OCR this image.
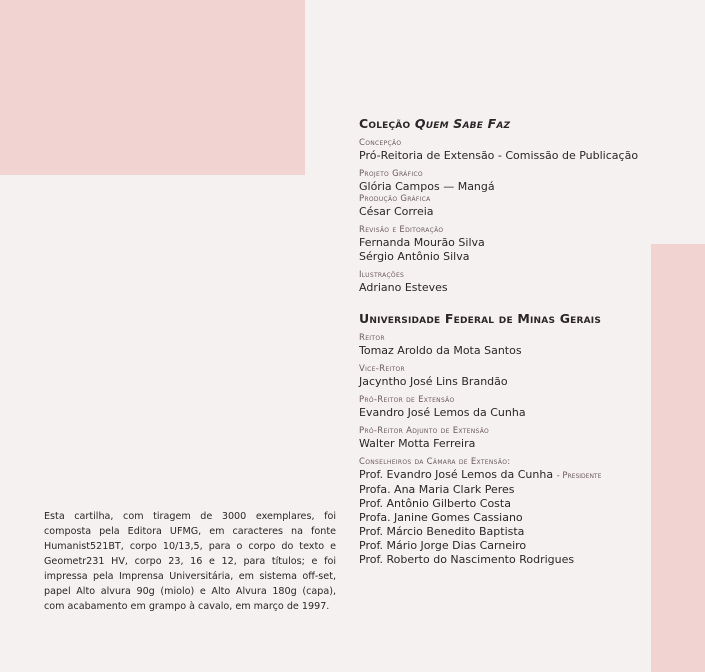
Coleção Quem Sabe Faz

Concepção

Pró-Reitoria de Extensão - Comissão de Publicação

Projeto Gráfico

Glória Campos — Mangá

Produção Gráfica

César Correia

Revisão e Editoração

Fernanda Mourão Silva

Sérgio Antônio Silva

Ilustrações

Adriano Esteves

Universidade Federal de Minas Gerais

Reitor

Tomaz Aroldo da Mota Santos

Vice-Reitor

Jacyntho José Lins Brandão

Pró-Reitor de Extensão

Evandro José Lemos da Cunha

Pró-Reitor Adjunto de Extensão

Walter Motta Ferreira

Conselheiros da Câmara de Extensão:

Prof. Evandro José Lemos da Cunha - Presidente

Profa. Ana Maria Clark Peres

Prof. Antônio Gilberto Costa

Profa. Janine Gomes Cassiano

Prof. Márcio Benedito Baptista

Prof. Mário Jorge Dias Carneiro

Prof. Roberto do Nascimento Rodrigues

Esta cartilha, com tiragem de 3000 exemplares, foi composta pela Editora UFMG, em caracteres na fonte Humanist521BT, corpo 10/13,5, para o corpo do texto e Geometr231 HV, corpo 23, 16 e 12, para títulos; e foi impressa pela Imprensa Universitária, em sistema off-set, papel Alto alvura 90g (miolo) e Alto Alvura 180g (capa), com acabamento em grampo à cavalo, em março de 1997.
